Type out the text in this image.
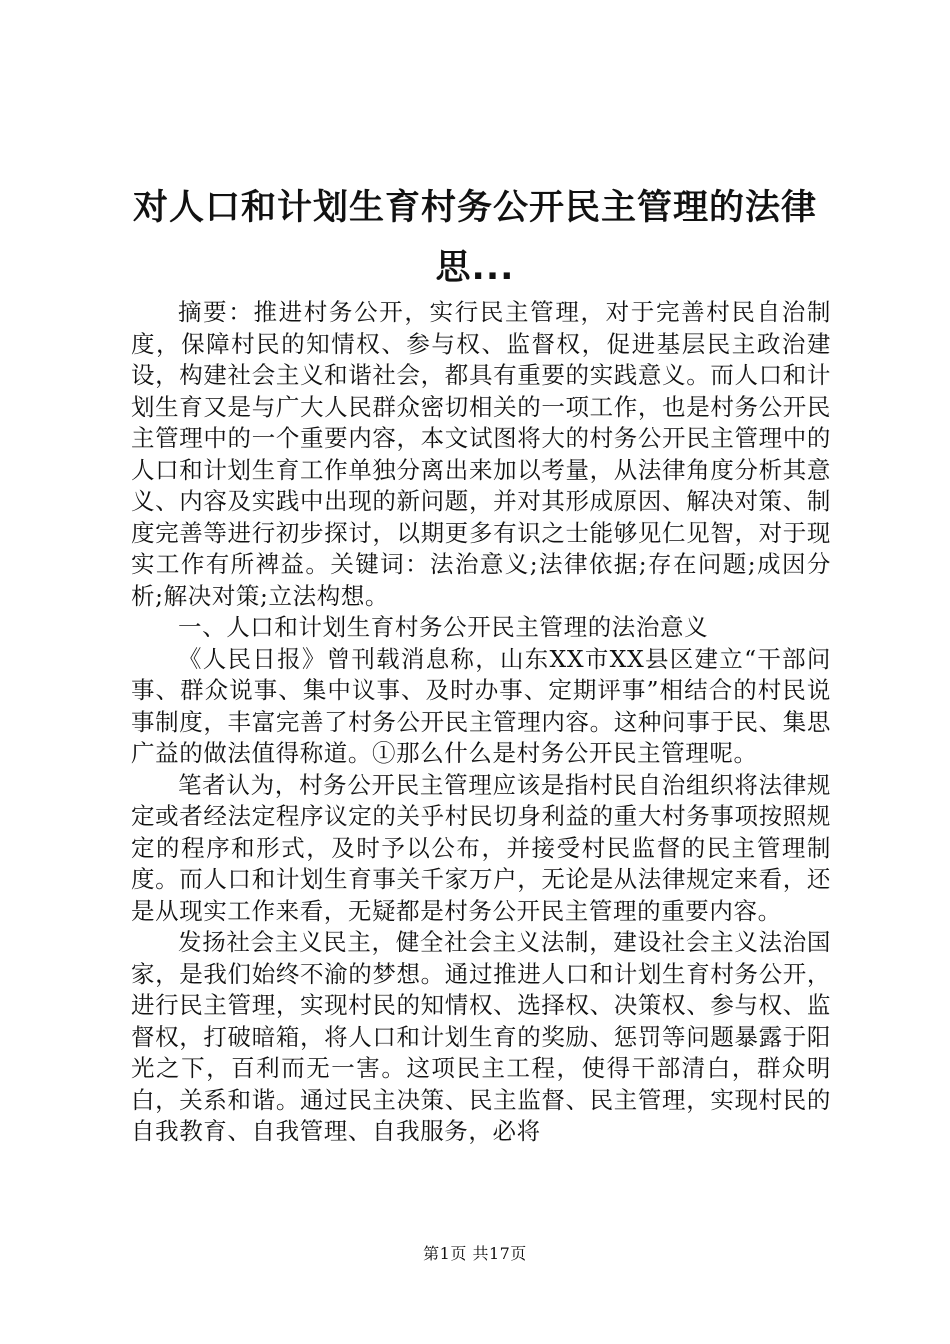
对人口和计划生育村务公开民主管理的法律思...

摘要：推进村务公开，实行民主管理，对于完善村民自治制度，保障村民的知情权、参与权、监督权，促进基层民主政治建设，构建社会主义和谐社会，都具有重要的实践意义。而人口和计划生育又是与广大人民群众密切相关的一项工作，也是村务公开民主管理中的一个重要内容，本文试图将大的村务公开民主管理中的人口和计划生育工作单独分离出来加以考量，从法律角度分析其意义、内容及实践中出现的新问题，并对其形成原因、解决对策、制度完善等进行初步探讨，以期更多有识之士能够见仁见智，对于现实工作有所裨益。关键词：法治意义;法律依据;存在问题;成因分析;解决对策;立法构想。

一、人口和计划生育村务公开民主管理的法治意义

《人民日报》曾刊载消息称，山东XX市XX县区建立“干部问事、群众说事、集中议事、及时办事、定期评事”相结合的村民说事制度，丰富完善了村务公开民主管理内容。这种问事于民、集思广益的做法值得称道。①那么什么是村务公开民主管理呢。

笔者认为，村务公开民主管理应该是指村民自治组织将法律规定或者经法定程序议定的关乎村民切身利益的重大村务事项按照规定的程序和形式，及时予以公布，并接受村民监督的民主管理制度。而人口和计划生育事关千家万户，无论是从法律规定来看，还是从现实工作来看，无疑都是村务公开民主管理的重要内容。

发扬社会主义民主，健全社会主义法制，建设社会主义法治国家，是我们始终不渝的梦想。通过推进人口和计划生育村务公开，进行民主管理，实现村民的知情权、选择权、决策权、参与权、监督权，打破暗箱，将人口和计划生育的奖励、惩罚等问题暴露于阳光之下，百利而无一害。这项民主工程，使得干部清白，群众明白，关系和谐。通过民主决策、民主监督、民主管理，实现村民的自我教育、自我管理、自我服务，必将

第1页 共17页
